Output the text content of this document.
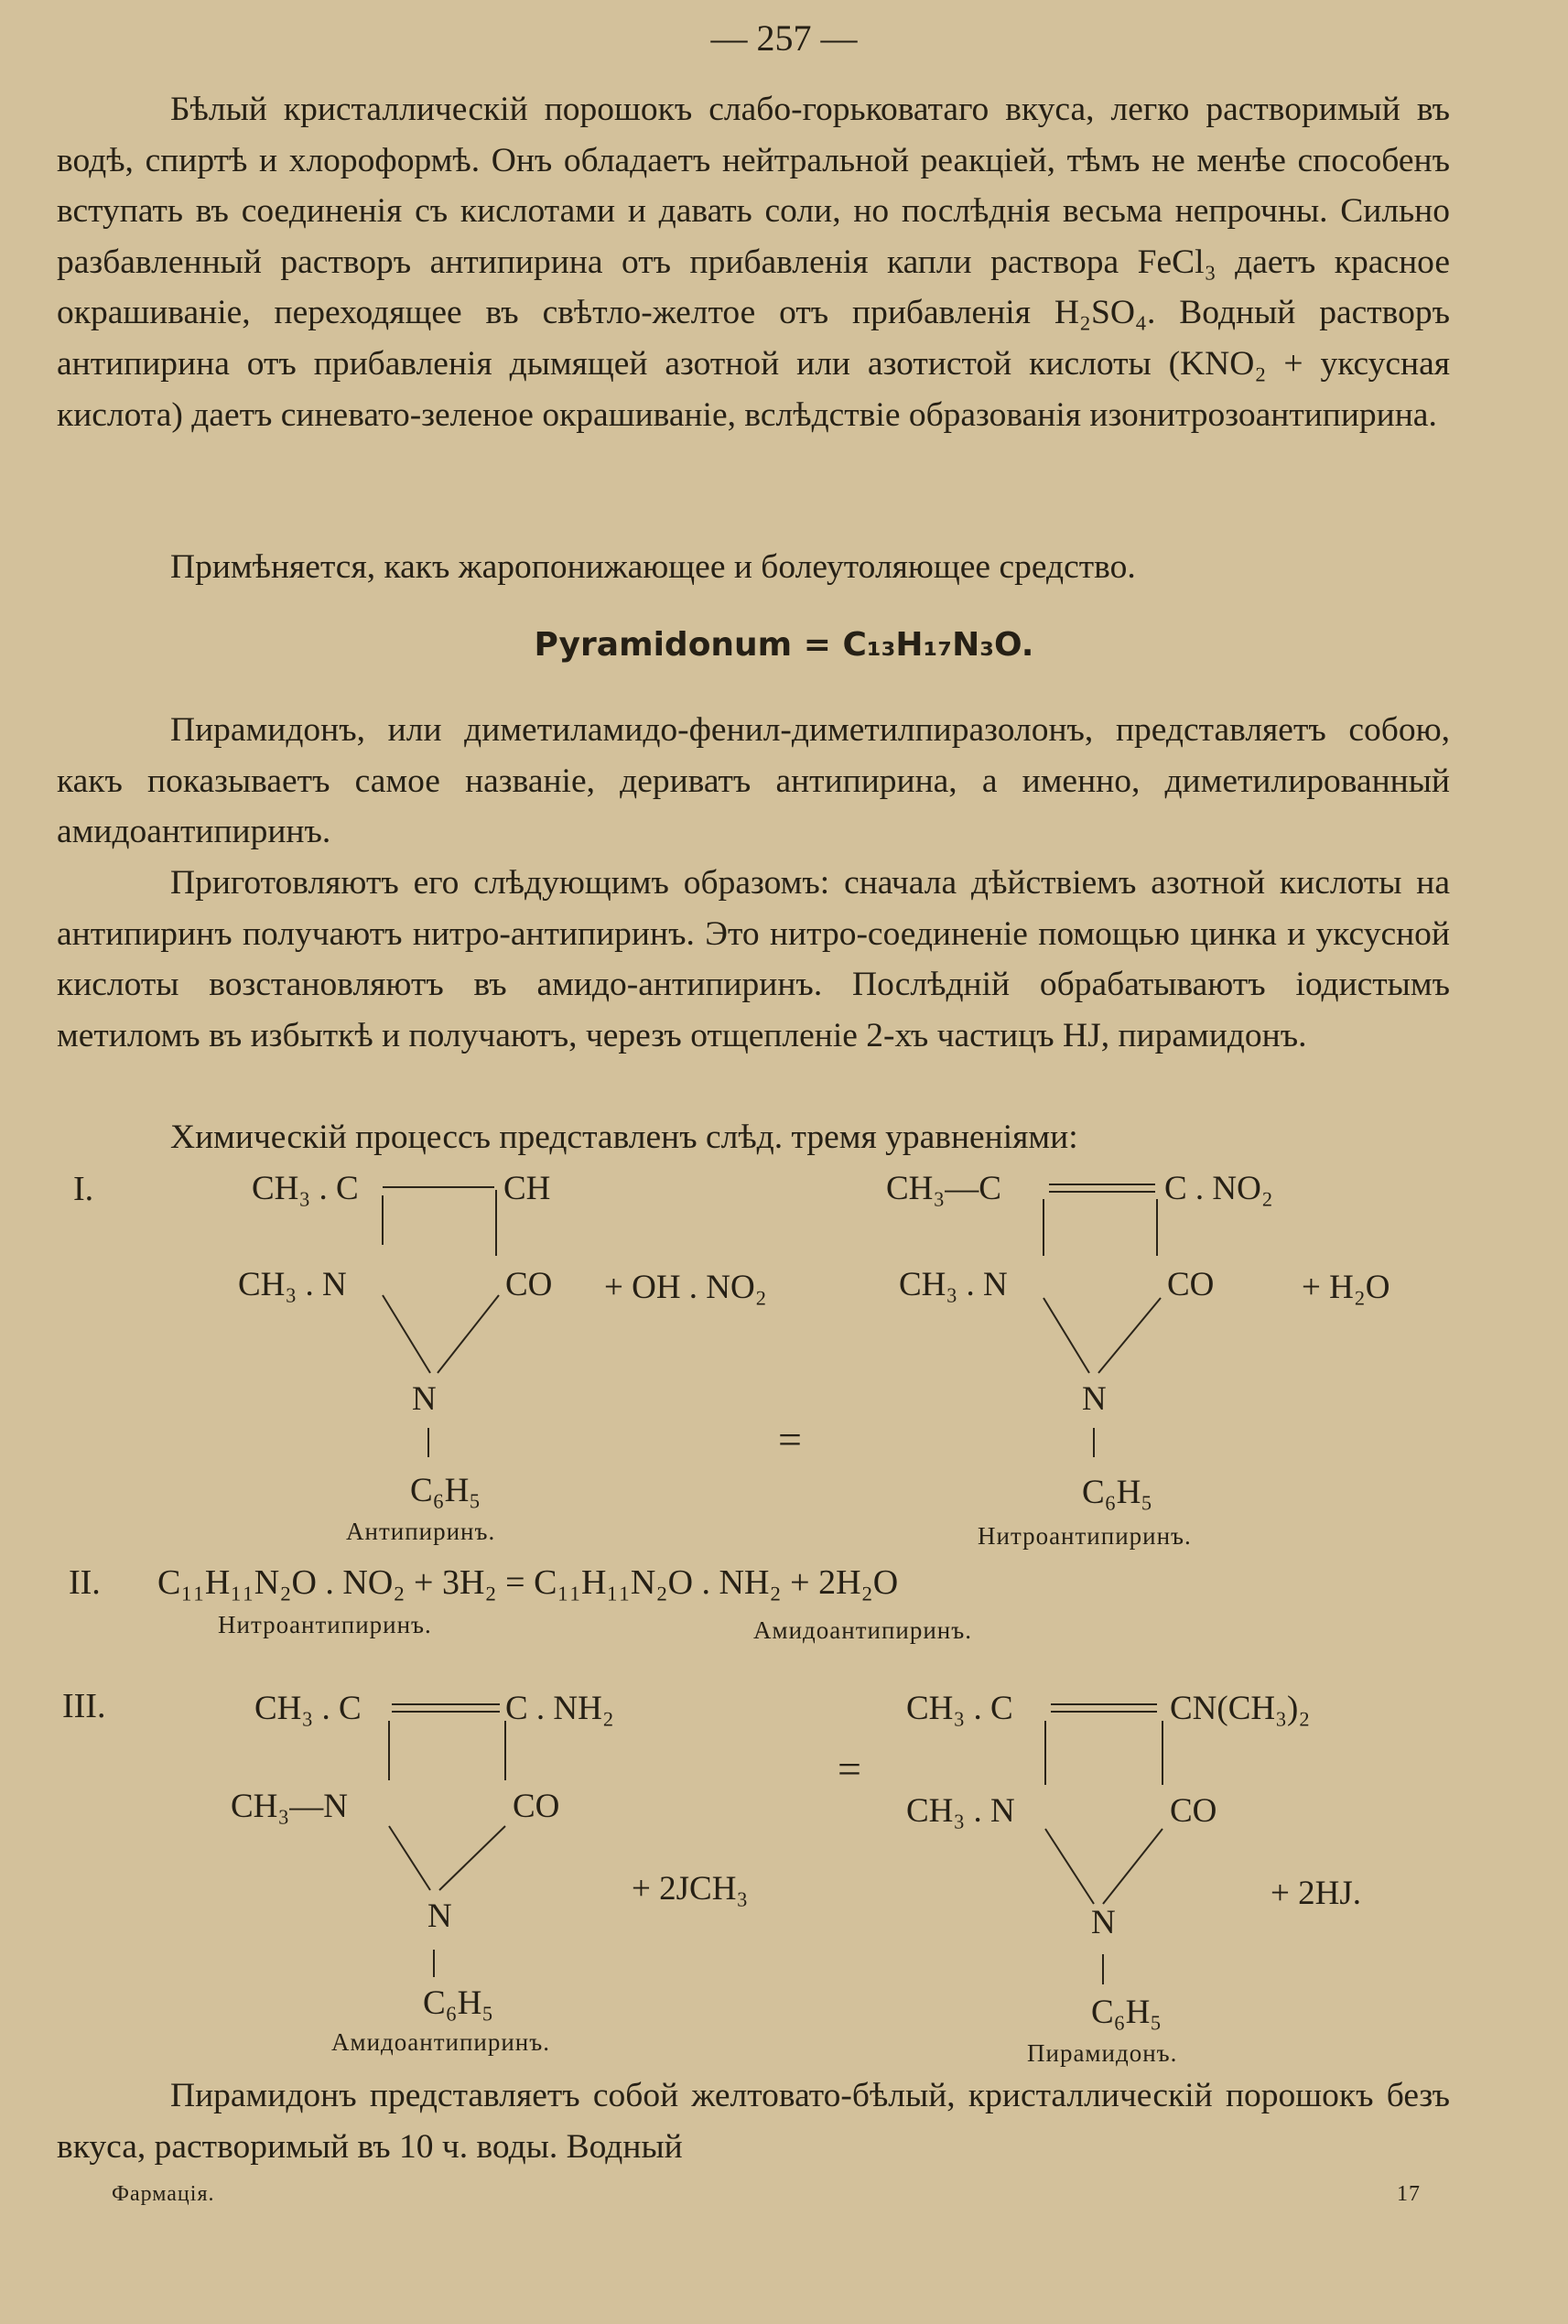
— 257 —
Бѣлый кристаллическій порошокъ слабо-горьковатаго вкуса, легко растворимый въ водѣ, спиртѣ и хлороформѣ. Онъ обладаетъ нейтральной реакціей, тѣмъ не менѣе способенъ вступать въ соединенія съ кислотами и давать соли, но послѣднія весьма непрочны. Сильно разбавленный растворъ антипирина отъ прибавленія капли раствора FeCl₃ даетъ красное окрашиваніе, переходящее въ свѣтло-желтое отъ прибавленія H₂SO₄. Водный растворъ антипирина отъ прибавленія дымящей азотной или азотистой кислоты (KNO₂ + уксусная кислота) даетъ синевато-зеленое окрашиваніе, вслѣдствіе образованія изонитрозоантипирина.
Примѣняется, какъ жаропонижающее и болеутоляющее средство.
Pyramidonum = C₁₃H₁₇N₃O.
Пирамидонъ, или диметиламидо-фенил-диметилпиразолонъ, представляетъ собою, какъ показываетъ самое названіе, дериватъ антипирина, а именно, диметилированный амидоантипиринъ.
Приготовляютъ его слѣдующимъ образомъ: сначала дѣйствіемъ азотной кислоты на антипиринъ получаютъ нитро-антипиринъ. Это нитро-соединеніе помощью цинка и уксусной кислоты возстановляютъ въ амидо-антипиринъ. Послѣдній обрабатываютъ іодистымъ метиломъ въ избыткѣ и получаютъ, черезъ отщепленіе 2-хъ частицъ HJ, пирамидонъ.
Химическій процессъ представленъ слѣд. тремя уравненіями:
I.	CH₃ . C	CH
CH₃ . N	CO
N
C₆H₅
Антипиринъ.
+ OH . NO₂
=
CH₃—C	C . NO₂
CH₃ . N	CO
N
C₆H₅
Нитроантипиринъ.
+ H₂O
II. C₁₁H₁₁N₂O . NO₂ + 3H₂ = C₁₁H₁₁N₂O . NH₂ + 2H₂O
Нитроантипиринъ.	Амидоантипиринъ.
III.	CH₃ . C	C . NH₂
CH₃—N	CO
N
C₆H₅
Амидоантипиринъ.
+ 2JCH₃
=
CH₃ . C	CN(CH₃)₂
CH₃ . N	CO
N
C₆H₅
Пирамидонъ.
+ 2HJ.
Пирамидонъ представляетъ собой желтовато-бѣлый, кристаллическій порошокъ безъ вкуса, растворимый въ 10 ч. воды. Водный
Фармація.	17
